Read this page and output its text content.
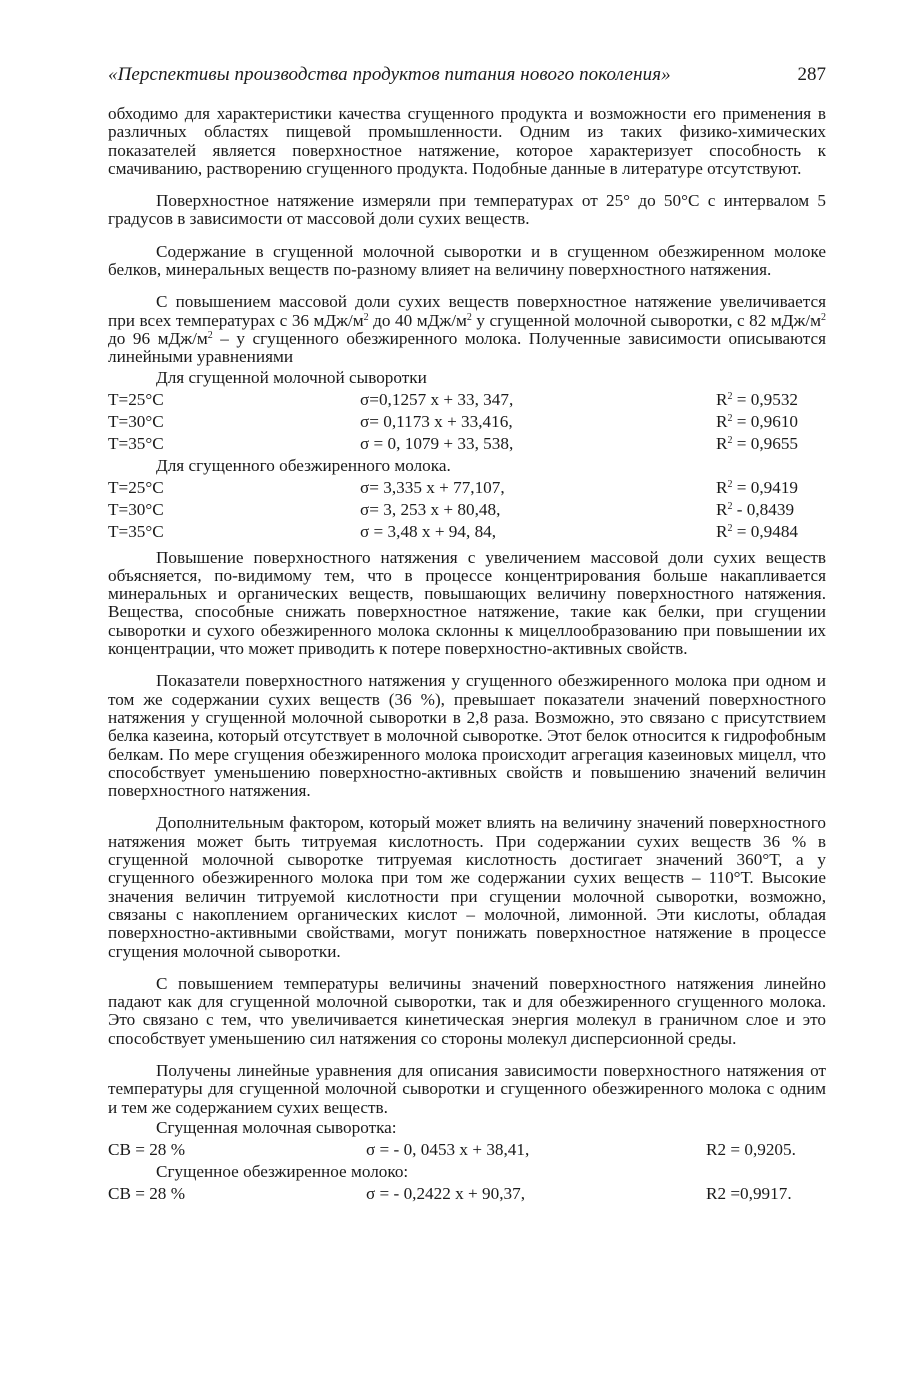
«Перспективы производства продуктов питания нового поколения»	287

обходимо для характеристики качества сгущенного продукта и возможности его применения в различных областях пищевой промышленности. Одним из таких физико-химических показателей является поверхностное натяжение, которое характеризует способность к смачиванию, растворению сгущенного продукта. Подобные данные в литературе отсутствуют.

Поверхностное натяжение измеряли при температурах от 25° до 50°С с интервалом 5 градусов в зависимости от массовой доли сухих веществ.

Содержание в сгущенной молочной сыворотки и в сгущенном обезжиренном молоке белков, минеральных веществ по-разному влияет на величину поверхностного натяжения.

С повышением массовой доли сухих веществ поверхностное натяжение увеличивается при всех температурах с 36 мДж/$м^2$ до 40 мДж/$м^2$ у сгущенной молочной сыворотки, с 82 мДж/$м^2$ до 96 мДж/$м^2$ – у сгущенного обезжиренного молока. Полученные зависимости описываются линейными уравнениями

Для сгущенной молочной сыворотки

Т=25°С	σ=0,1257 х + 33, 347,	$R^2 = 0,9532$
Т=30°С	σ= 0,1173 х + 33,416,	$R^2 = 0,9610$
Т=35°С	σ = 0, 1079 + 33, 538,	$R^2 = 0,9655$

Для сгущенного обезжиренного молока.

Т=25°С	σ= 3,335 х + 77,107,	$R^2 = 0,9419$
Т=30°С	σ= 3, 253 х + 80,48,	$R^2 - 0,8439$
Т=35°С	σ = 3,48 х + 94, 84,	$R^2 = 0,9484$

Повышение поверхностного натяжения с увеличением массовой доли сухих веществ объясняется, по-видимому тем, что в процессе концентрирования больше накапливается минеральных и органических веществ, повышающих величину поверхностного натяжения. Вещества, способные снижать поверхностное натяжение, такие как белки, при сгущении сыворотки и сухого обезжиренного молока склонны к мицеллообразованию при повышении их концентрации, что может приводить к потере поверхностно-активных свойств.

Показатели поверхностного натяжения у сгущенного обезжиренного молока при одном и том же содержании сухих веществ (36 %), превышает показатели значений поверхностного натяжения у сгущенной молочной сыворотки в 2,8 раза. Возможно, это связано с присутствием белка казеина, который отсутствует в молочной сыворотке. Этот белок относится к гидрофобным белкам. По мере сгущения обезжиренного молока происходит агрегация казеиновых мицелл, что способствует уменьшению поверхностно-активных свойств и повышению значений величин поверхностного натяжения.

Дополнительным фактором, который может влиять на величину значений поверхностного натяжения может быть титруемая кислотность. При содержании сухих веществ 36 % в сгущенной молочной сыворотке титруемая кислотность достигает значений 360°Т, а у сгущенного обезжиренного молока при том же содержании сухих веществ – 110°Т. Высокие значения величин титруемой кислотности при сгущении молочной сыворотки, возможно, связаны с накоплением органических кислот – молочной, лимонной. Эти кислоты, обладая поверхностно-активными свойствами, могут понижать поверхностное натяжение в процессе сгущения молочной сыворотки.

С повышением температуры величины значений поверхностного натяжения линейно падают как для сгущенной молочной сыворотки, так и для обезжиренного сгущенного молока. Это связано с тем, что увеличивается кинетическая энергия молекул в граничном слое и это способствует уменьшению сил натяжения со стороны молекул дисперсионной среды.

Получены линейные уравнения для описания зависимости поверхностного натяжения от температуры для сгущенной молочной сыворотки и сгущенного обезжиренного молока с одним и тем же содержанием сухих веществ.

Сгущенная молочная сыворотка:

СВ = 28 %	σ = - 0, 0453 х + 38,41,	R2 = 0,9205.

Сгущенное обезжиренное молоко:

СВ = 28 %	σ = - 0,2422 х + 90,37,	R2 =0,9917.
